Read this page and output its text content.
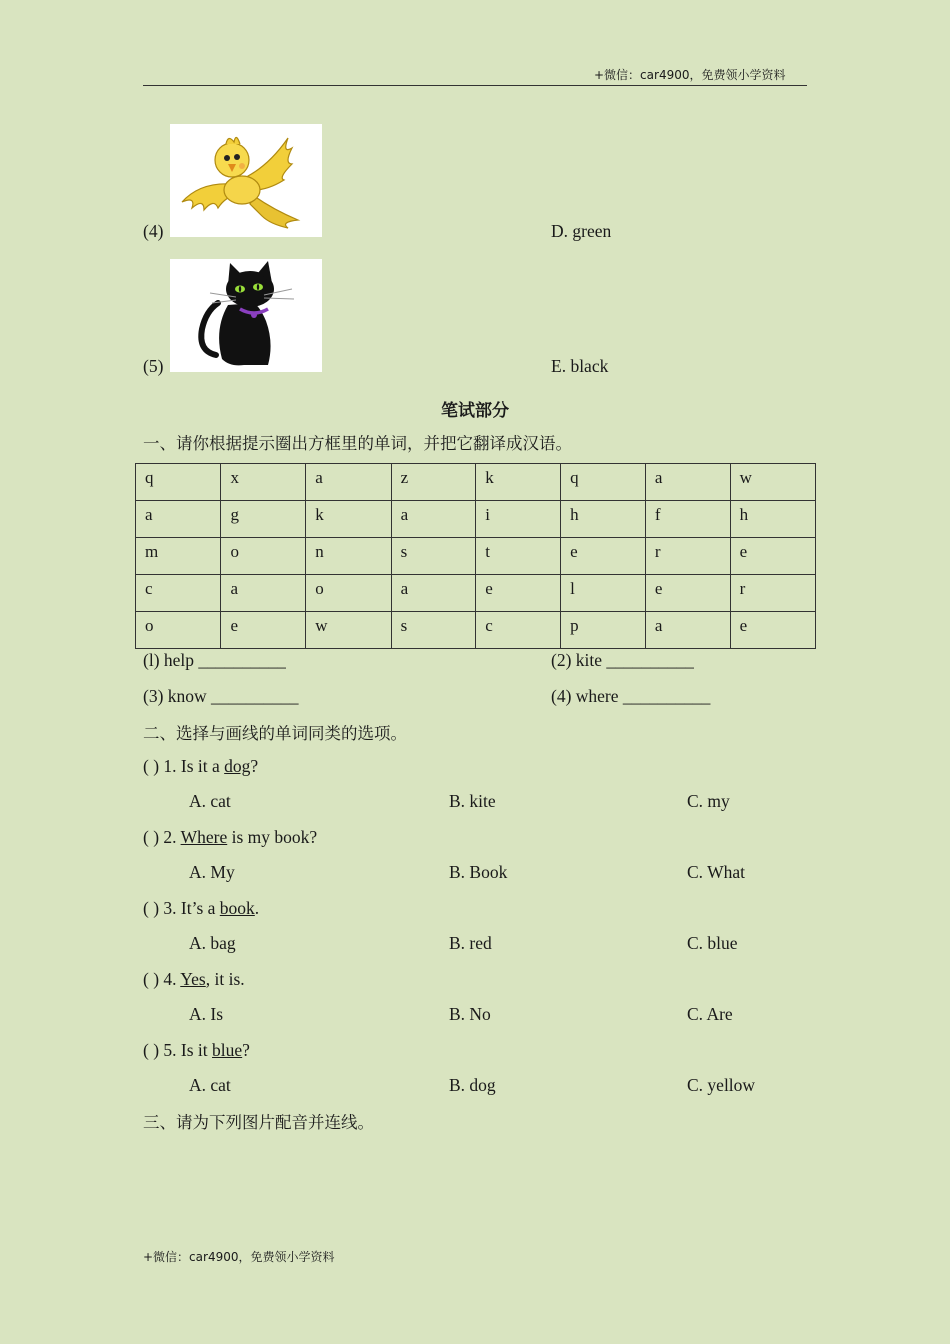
+微信：car4900，免费领小学资料
(4)	D. green
(5)	E. black
笔试部分
一、请你根据提示圈出方框里的单词，并把它翻译成汉语。
q	x	a	z	k	q	a	w
a	g	k	a	i	h	f	h
m	o	n	s	t	e	r	e
c	a	o	a	e	l	e	r
o	e	w	s	c	p	a	e
(l) help __________	(2) kite __________
(3) know __________	(4) where __________
二、选择与画线的单词同类的选项。
( ) 1. Is it a dog?
A. cat	B. kite	C. my
( ) 2. Where is my book?
A. My	B. Book	C. What
( ) 3. It’s a book.
A. bag	B. red	C. blue
( ) 4. Yes, it is.
A. Is	B. No	C. Are
( ) 5. Is it blue?
A. cat	B. dog	C. yellow
三、请为下列图片配音并连线。
+微信：car4900，免费领小学资料
